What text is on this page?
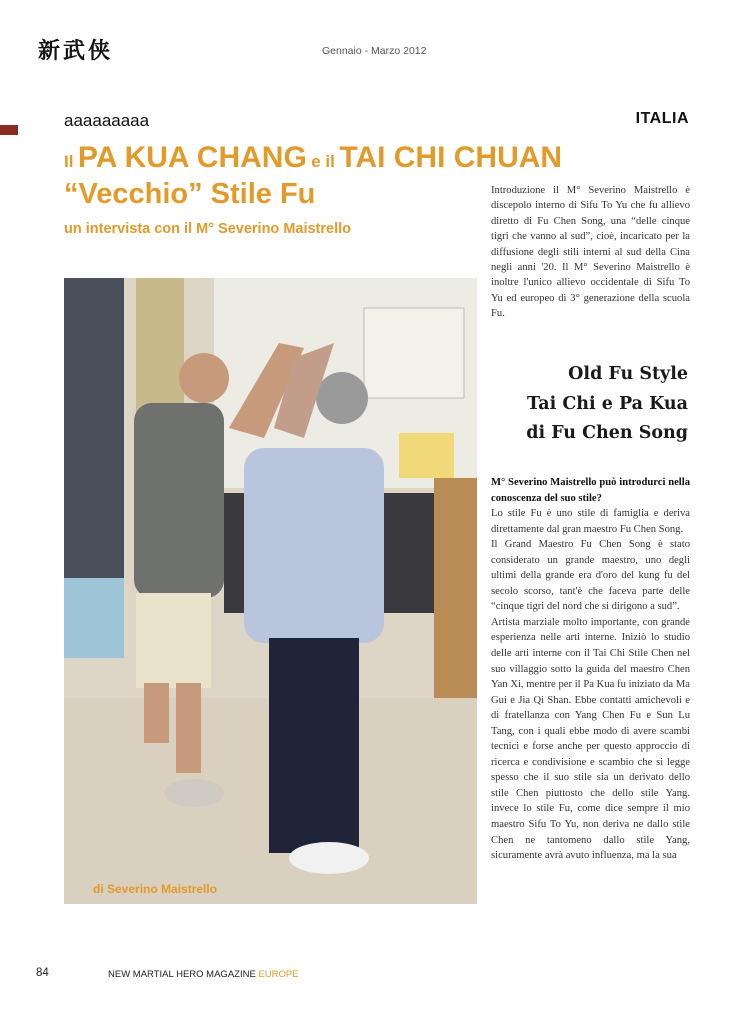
新武侠	Gennaio - Marzo 2012
aaaaaaaaa	ITALIA
Il PA KUA CHANG e il TAI CHI CHUAN
“Vecchio” Stile Fu
un intervista con il M° Severino Maistrello
Introduzione il M° Severino Maistrello è discepolo interno di Sifu To Yu che fu allievo diretto di Fu Chen Song, una “delle cinque tigri che vanno al sud”, cioè, incaricato per la diffusione degli stili interni al sud della Cina negli anni '20. Il M° Severino Maistrello è inoltre l'unico allievo occidentale di Sifu To Yu ed europeo di 3° generazione della scuola Fu.
di Severino Maistrello
Old Fu Style
Tai Chi e Pa Kua
di Fu Chen Song

M° Severino Maistrello può introdurci nella conoscenza del suo stile?

Lo stile Fu è uno stile di famiglia e deriva direttamente dal gran maestro Fu Chen Song.

Il Grand Maestro Fu Chen Song è stato considerato un grande maestro, uno degli ultimi della grande era d'oro del kung fu del secolo scorso, tant'è che faceva parte delle “cinque tigri del nord che si dirigono a sud”.

Artista marziale molto importante, con grande esperienza nelle arti interne. Iniziò lo studio delle arti interne con il Tai Chi Stile Chen nel suo villaggio sotto la guida del maestro Chen Yan Xi, mentre per il Pa Kua fu iniziato da Ma Gui e Jia Qi Shan. Ebbe contatti amichevoli e di fratellanza con Yang Chen Fu e Sun Lu Tang, con i quali ebbe modo di avere scambi tecnici e forse anche per questo approccio di ricerca e condivisione e scambio che si legge spesso che il suo stile sia un derivato dello stile Chen piuttosto che dello stile Yang. invece lo stile Fu, come dice sempre il mio maestro Sifu To Yu, non deriva ne dallo stile Chen ne tantomeno dallo stile Yang, sicuramente avrà avuto influenza, ma la sua

84	NEW MARTIAL HERO MAGAZINE EUROPE
